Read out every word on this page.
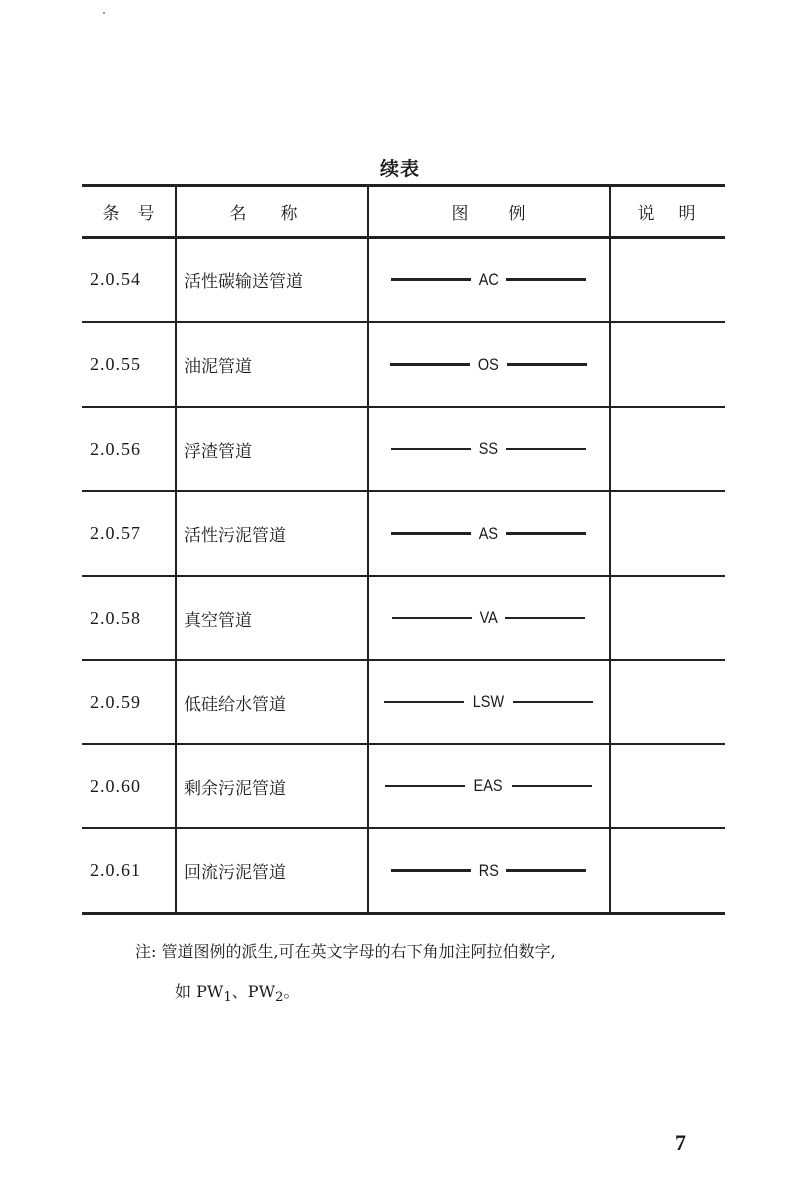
续表
条号	名称	图例	说明
2.0.54	活性碳输送管道	AC
2.0.55	油泥管道	OS
2.0.56	浮渣管道	SS
2.0.57	活性污泥管道	AS
2.0.58	真空管道	VA
2.0.59	低硅给水管道	LSW
2.0.60	剩余污泥管道	EAS
2.0.61	回流污泥管道	RS
注: 管道图例的派生,可在英文字母的右下角加注阿拉伯数字,
如 $PW_1$、$PW_2$。
7
